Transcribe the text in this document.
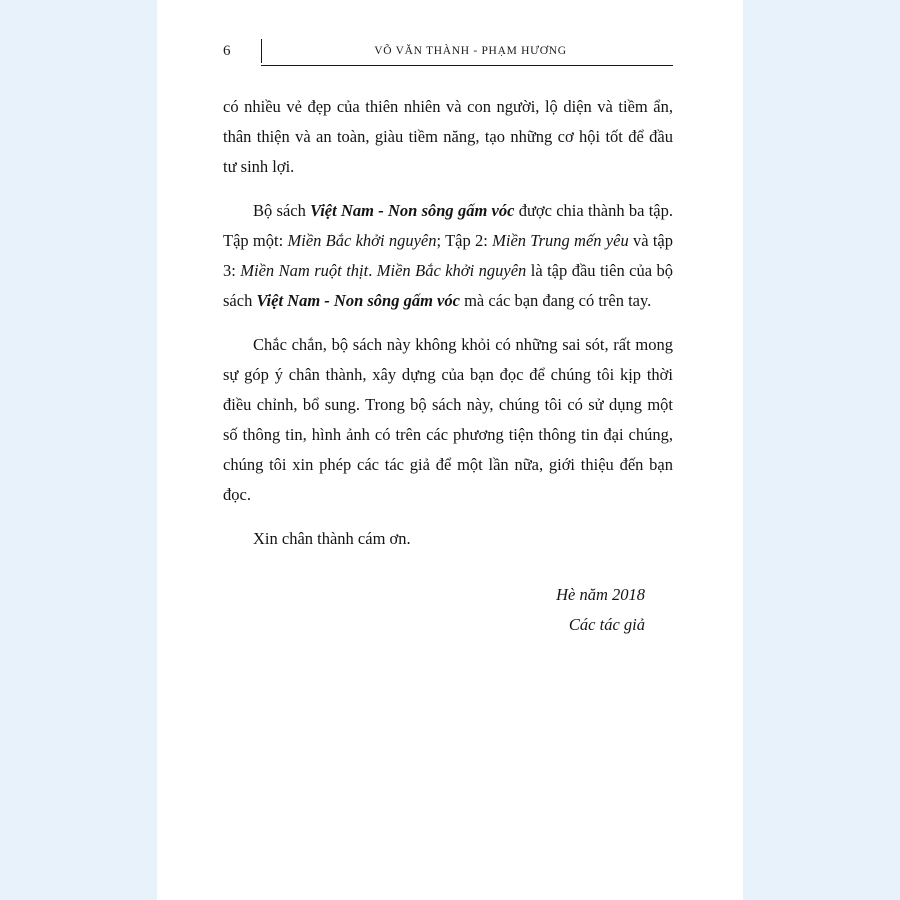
6	VÕ VĂN THÀNH - PHẠM HƯƠNG

có nhiều vẻ đẹp của thiên nhiên và con người, lộ diện và tiềm ẩn, thân thiện và an toàn, giàu tiềm năng, tạo những cơ hội tốt để đầu tư sinh lợi.

Bộ sách Việt Nam - Non sông gấm vóc được chia thành ba tập. Tập một: Miền Bắc khởi nguyên; Tập 2: Miền Trung mến yêu và tập 3: Miền Nam ruột thịt. Miền Bắc khởi nguyên là tập đầu tiên của bộ sách Việt Nam - Non sông gấm vóc mà các bạn đang có trên tay.

Chắc chắn, bộ sách này không khỏi có những sai sót, rất mong sự góp ý chân thành, xây dựng của bạn đọc để chúng tôi kịp thời điều chỉnh, bổ sung. Trong bộ sách này, chúng tôi có sử dụng một số thông tin, hình ảnh có trên các phương tiện thông tin đại chúng, chúng tôi xin phép các tác giả để một lần nữa, giới thiệu đến bạn đọc.

Xin chân thành cám ơn.

Hè năm 2018
Các tác giả
